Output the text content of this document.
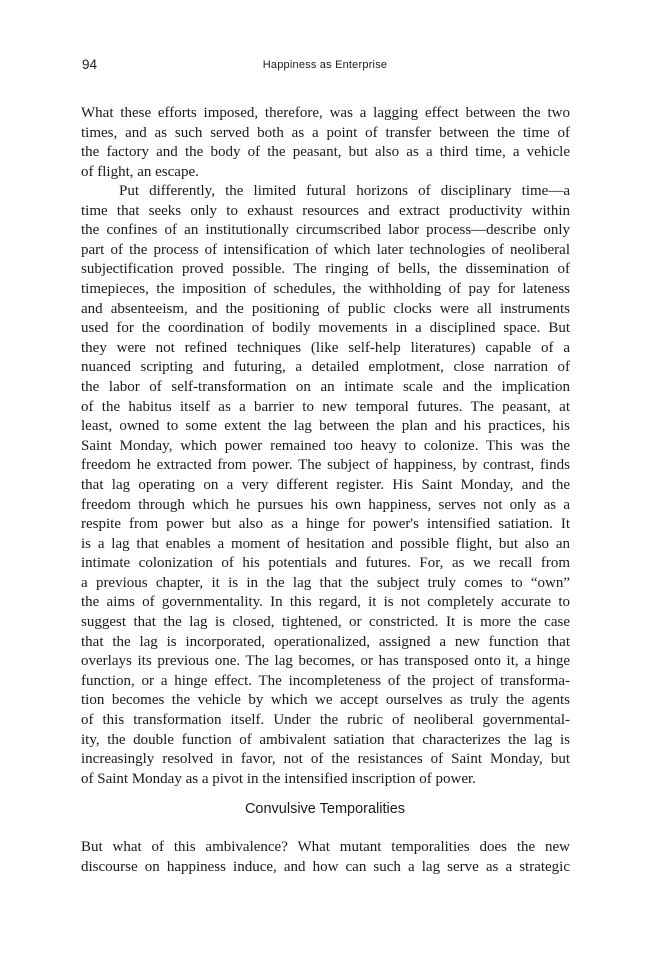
94	Happiness as Enterprise
What these efforts imposed, therefore, was a lagging effect between the two
times, and as such served both as a point of transfer between the time of
the factory and the body of the peasant, but also as a third time, a vehicle
of flight, an escape.
Put differently, the limited futural horizons of disciplinary time—a
time that seeks only to exhaust resources and extract productivity within
the confines of an institutionally circumscribed labor process—describe only
part of the process of intensification of which later technologies of neoliberal
subjectification proved possible. The ringing of bells, the dissemination of
timepieces, the imposition of schedules, the withholding of pay for lateness
and absenteeism, and the positioning of public clocks were all instruments
used for the coordination of bodily movements in a disciplined space. But
they were not refined techniques (like self-help literatures) capable of a
nuanced scripting and futuring, a detailed emplotment, close narration of
the labor of self-transformation on an intimate scale and the implication
of the habitus itself as a barrier to new temporal futures. The peasant, at
least, owned to some extent the lag between the plan and his practices, his
Saint Monday, which power remained too heavy to colonize. This was the
freedom he extracted from power. The subject of happiness, by contrast, finds
that lag operating on a very different register. His Saint Monday, and the
freedom through which he pursues his own happiness, serves not only as a
respite from power but also as a hinge for power's intensified satiation. It
is a lag that enables a moment of hesitation and possible flight, but also an
intimate colonization of his potentials and futures. For, as we recall from
a previous chapter, it is in the lag that the subject truly comes to “own”
the aims of governmentality. In this regard, it is not completely accurate to
suggest that the lag is closed, tightened, or constricted. It is more the case
that the lag is incorporated, operationalized, assigned a new function that
overlays its previous one. The lag becomes, or has transposed onto it, a hinge
function, or a hinge effect. The incompleteness of the project of transforma-
tion becomes the vehicle by which we accept ourselves as truly the agents
of this transformation itself. Under the rubric of neoliberal governmental-
ity, the double function of ambivalent satiation that characterizes the lag is
increasingly resolved in favor, not of the resistances of Saint Monday, but
of Saint Monday as a pivot in the intensified inscription of power.
Convulsive Temporalities
But what of this ambivalence? What mutant temporalities does the new
discourse on happiness induce, and how can such a lag serve as a strategic
